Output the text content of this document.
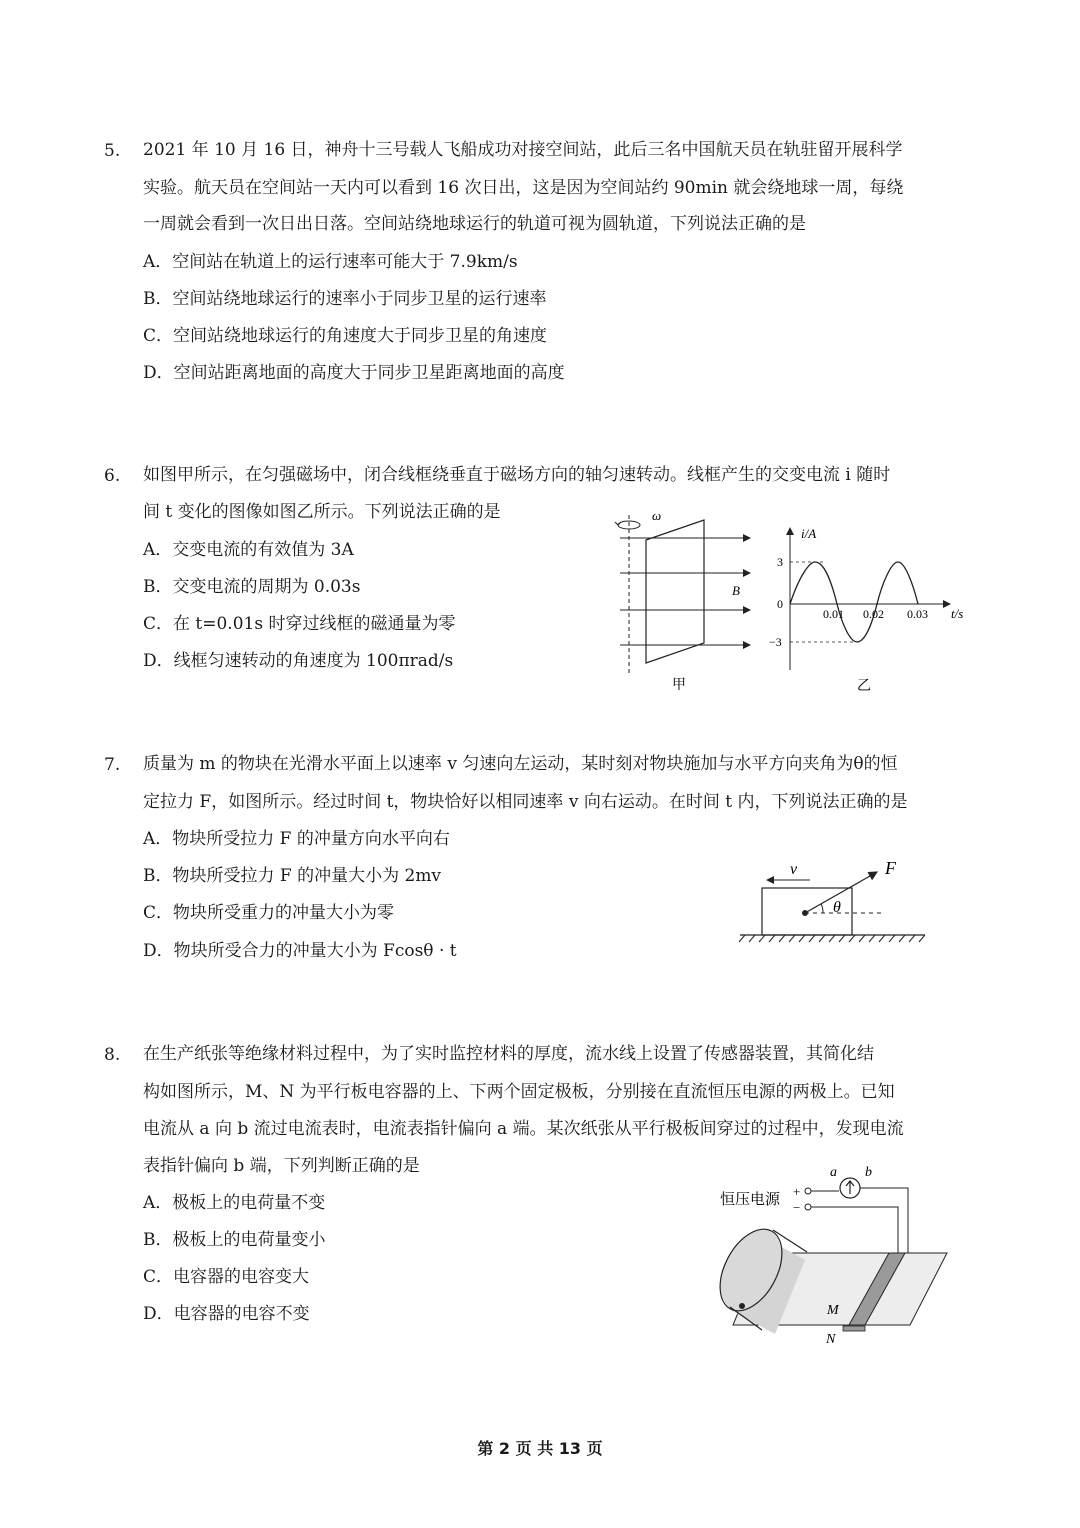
5. 2021 年 10 月 16 日，神舟十三号载人飞船成功对接空间站，此后三名中国航天员在轨驻留开展科学
实验。航天员在空间站一天内可以看到 16 次日出，这是因为空间站约 90min 就会绕地球一周，每绕
一周就会看到一次日出日落。空间站绕地球运行的轨道可视为圆轨道，下列说法正确的是
A．空间站在轨道上的运行速率可能大于 7.9km/s
B．空间站绕地球运行的速率小于同步卫星的运行速率
C．空间站绕地球运行的角速度大于同步卫星的角速度
D．空间站距离地面的高度大于同步卫星距离地面的高度
6. 如图甲所示，在匀强磁场中，闭合线框绕垂直于磁场方向的轴匀速转动。线框产生的交变电流 i 随时
间 t 变化的图像如图乙所示。下列说法正确的是
A．交变电流的有效值为 3A
B．交变电流的周期为 0.03s
C．在 t=0.01s 时穿过线框的磁通量为零
D．线框匀速转动的角速度为 100πrad/s
ω
B
甲
i/A
t/s
3
0
−3
0.01 0.02 0.03
乙
7. 质量为 m 的物块在光滑水平面上以速率 v 匀速向左运动，某时刻对物块施加与水平方向夹角为θ的恒
定拉力 F，如图所示。经过时间 t，物块恰好以相同速率 v 向右运动。在时间 t 内，下列说法正确的是
A．物块所受拉力 F 的冲量方向水平向右
B．物块所受拉力 F 的冲量大小为 2mv
C．物块所受重力的冲量大小为零
D．物块所受合力的冲量大小为 Fcosθ · t
v	F
θ
8. 在生产纸张等绝缘材料过程中，为了实时监控材料的厚度，流水线上设置了传感器装置，其简化结
构如图所示，M、N 为平行板电容器的上、下两个固定极板，分别接在直流恒压电源的两极上。已知
电流从 a 向 b 流过电流表时，电流表指针偏向 a 端。某次纸张从平行极板间穿过的过程中，发现电流
表指针偏向 b 端，下列判断正确的是
A．极板上的电荷量不变
B．极板上的电荷量变小
C．电容器的电容变大
D．电容器的电容不变
恒压电源
+
−
a b
M
N
第 2 页 共 13 页
